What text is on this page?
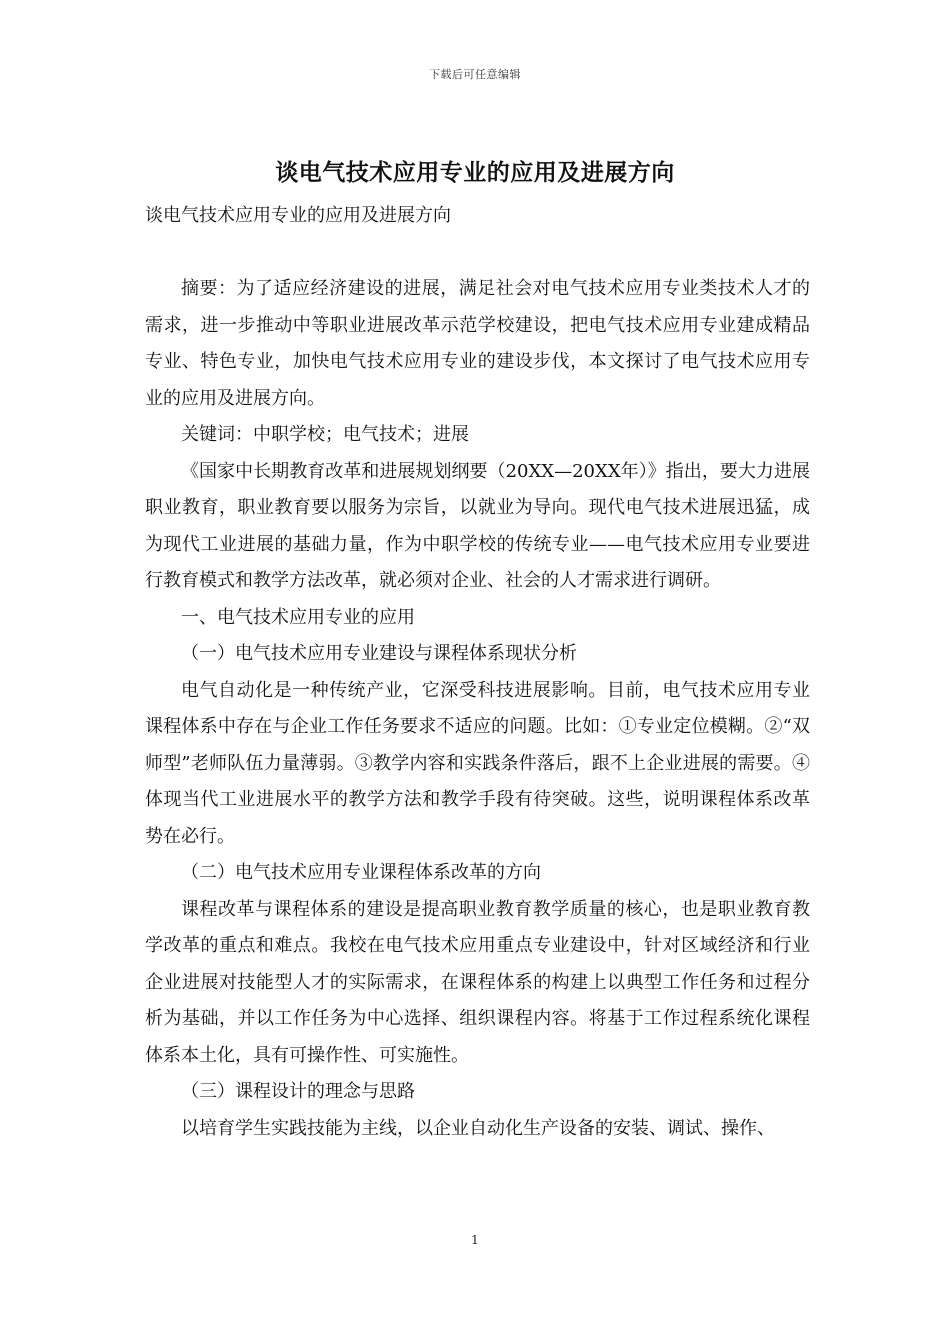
下载后可任意编辑
谈电气技术应用专业的应用及进展方向

谈电气技术应用专业的应用及进展方向

摘要：为了适应经济建设的进展，满足社会对电气技术应用专业类技术人才的需求，进一步推动中等职业进展改革示范学校建设，把电气技术应用专业建成精品专业、特色专业，加快电气技术应用专业的建设步伐，本文探讨了电气技术应用专业的应用及进展方向。

关键词：中职学校；电气技术；进展

《国家中长期教育改革和进展规划纲要（20XX—20XX年）》指出，要大力进展职业教育，职业教育要以服务为宗旨，以就业为导向。现代电气技术进展迅猛，成为现代工业进展的基础力量，作为中职学校的传统专业——电气技术应用专业要进行教育模式和教学方法改革，就必须对企业、社会的人才需求进行调研。

一、电气技术应用专业的应用

（一）电气技术应用专业建设与课程体系现状分析

电气自动化是一种传统产业，它深受科技进展影响。目前，电气技术应用专业课程体系中存在与企业工作任务要求不适应的问题。比如：①专业定位模糊。②“双师型”老师队伍力量薄弱。③教学内容和实践条件落后，跟不上企业进展的需要。④体现当代工业进展水平的教学方法和教学手段有待突破。这些，说明课程体系改革势在必行。

（二）电气技术应用专业课程体系改革的方向

课程改革与课程体系的建设是提高职业教育教学质量的核心，也是职业教育教学改革的重点和难点。我校在电气技术应用重点专业建设中，针对区域经济和行业企业进展对技能型人才的实际需求，在课程体系的构建上以典型工作任务和过程分析为基础，并以工作任务为中心选择、组织课程内容。将基于工作过程系统化课程体系本土化，具有可操作性、可实施性。

（三）课程设计的理念与思路

以培育学生实践技能为主线，以企业自动化生产设备的安装、调试、操作、

1
